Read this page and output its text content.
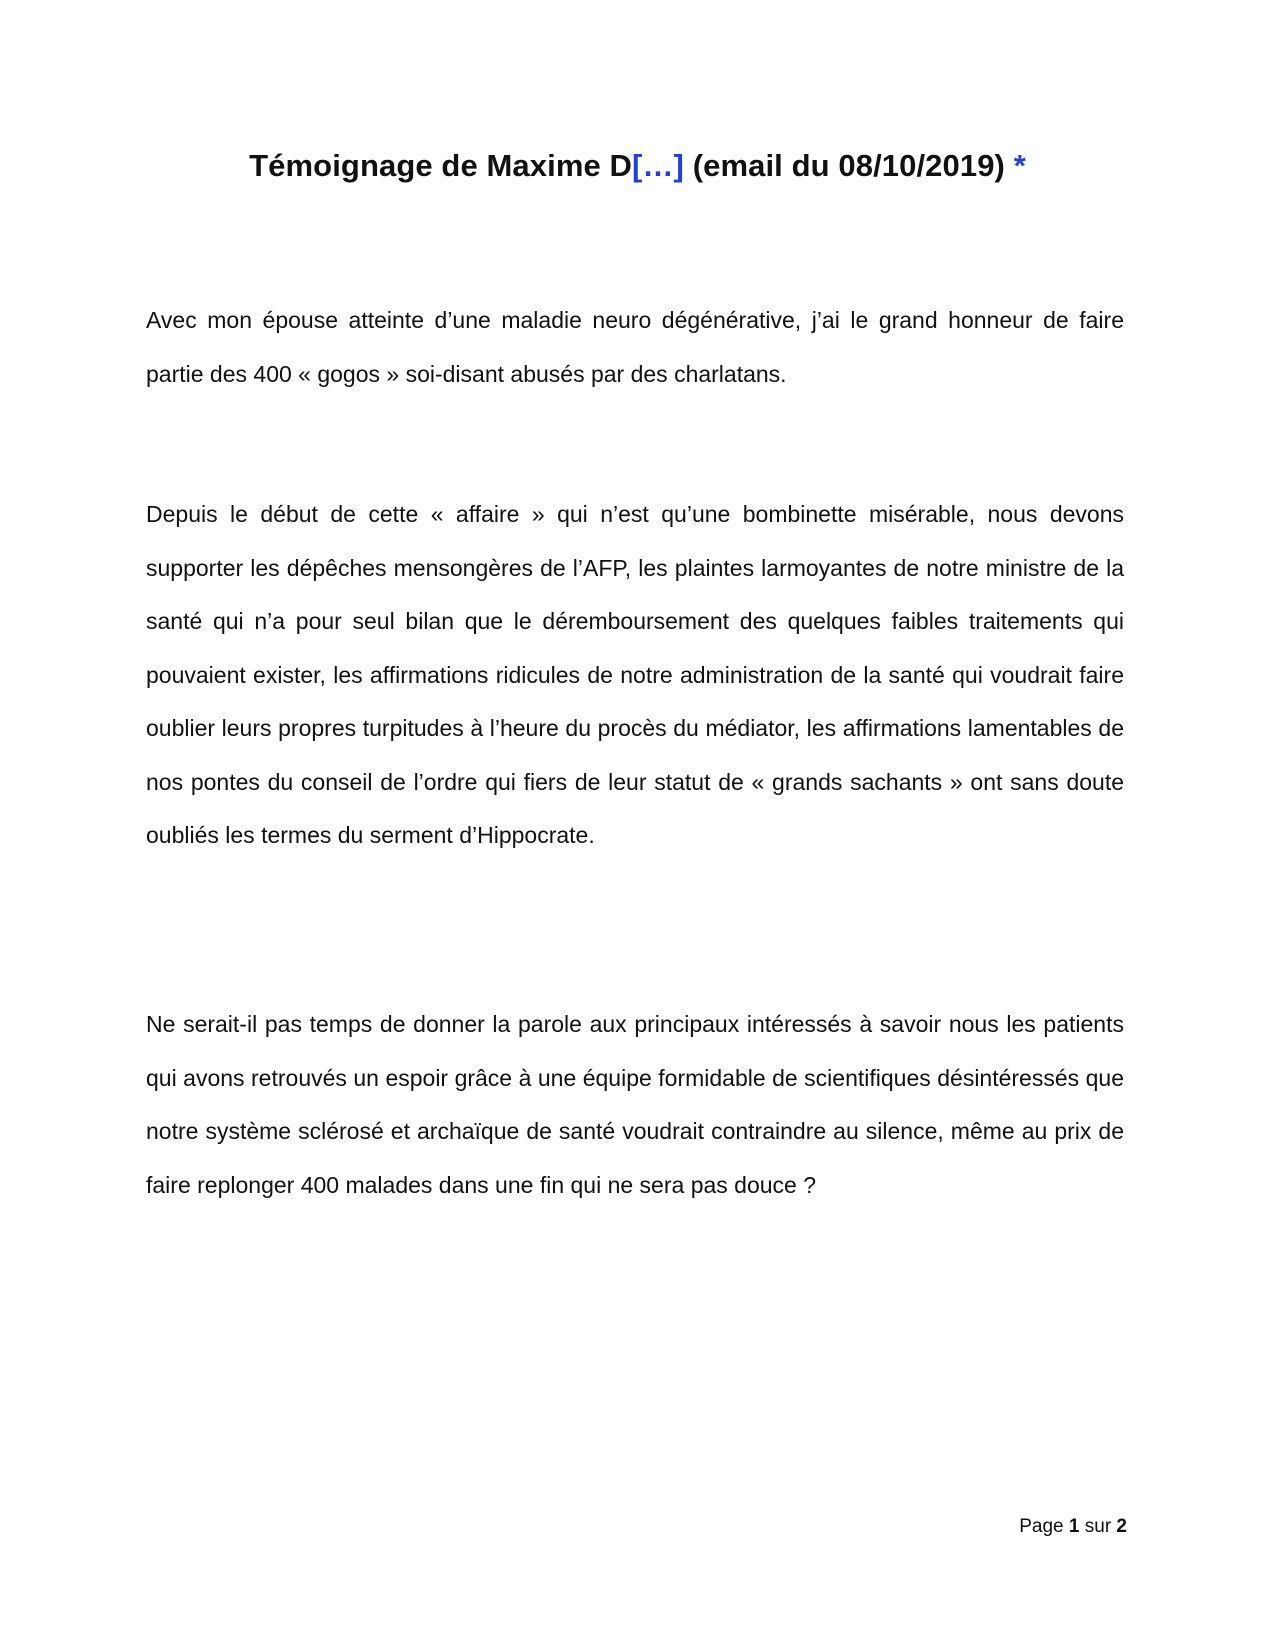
Témoignage de Maxime D[…] (email du 08/10/2019) *

Avec mon épouse atteinte d’une maladie neuro dégénérative, j’ai le grand honneur de faire partie des 400 « gogos » soi-disant abusés par des charlatans.

Depuis le début de cette « affaire » qui n’est qu’une bombinette misérable, nous devons supporter les dépêches mensongères de l’AFP, les plaintes larmoyantes de notre ministre de la santé qui n’a pour seul bilan que le déremboursement des quelques faibles traitements qui pouvaient exister, les affirmations ridicules de notre administration de la santé qui voudrait faire oublier leurs propres turpitudes à l’heure du procès du médiator, les affirmations lamentables de nos pontes du conseil de l’ordre qui fiers de leur statut de « grands sachants » ont sans doute oubliés les termes du serment d’Hippocrate.

Ne serait-il pas temps de donner la parole aux principaux intéressés à savoir nous les patients qui avons retrouvés un espoir grâce à une équipe formidable de scientifiques désintéressés que notre système sclérosé et archaïque de santé voudrait contraindre au silence, même au prix de faire replonger 400 malades dans une fin qui ne sera pas douce ?

Page 1 sur 2
